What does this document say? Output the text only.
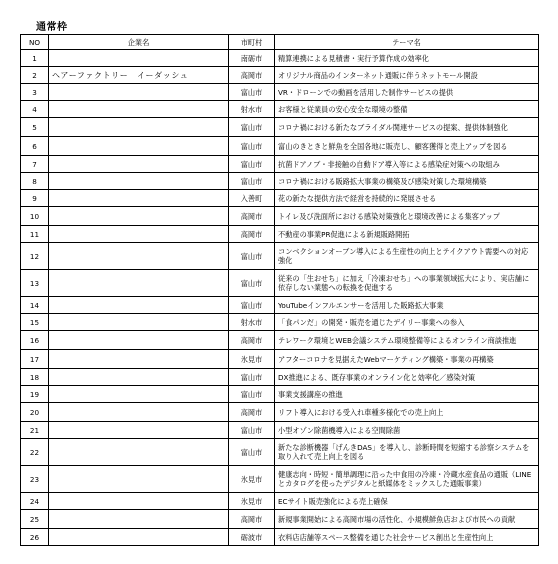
通常枠
NO	企業名	市町村	テーマ名
1		南砺市	精算連携による見積書・実行予算作成の効率化

2	ヘアーファクトリー　イーダッシュ	高岡市	オリジナル商品のインターネット通販に伴うネットモール開設

3		富山市	VR・ドローンでの動画を活用した制作サービスの提供

4		射水市	お客様と従業員の安心安全な環境の整備

5		富山市	コロナ禍における新たなブライダル関連サービスの提案、提供体制強化

6		富山市	富山のきときと鮮魚を全国各地に販売し、顧客獲得と売上アップを図る

7		富山市	抗菌ドアノブ・非接触の自動ドア導入等による感染症対策への取組み

8		富山市	コロナ禍における販路拡大事業の構築及び感染対策した環境構築

9		入善町	花の新たな提供方法で経営を持続的に発展させる

10		高岡市	トイレ及び洗面所における感染対策強化と環境改善による集客アップ

11		高岡市	不動産の事業PR促進による新規販路開拓

12		富山市	コンベクションオーブン導入による生産性の向上とテイクアウト需要への対応強化

13		富山市	従来の「生おせち」に加え「冷凍おせち」への事業領域拡大により、実店舗に依存しない業態への転換を促進する

14		富山市	YouTubeインフルエンサーを活用した販路拡大事業

15		射水市	「食パンだ」の開発・販売を通じたデイリー事業への参入

16		高岡市	テレワーク環境とWEB会議システム環境整備等によるオンライン商談推進

17		氷見市	アフターコロナを見据えたWebマーケティング構築・事業の再構築

18		富山市	DX推進による、既存事業のオンライン化と効率化／感染対策

19		富山市	事業支援講座の推進

20		高岡市	リフト導入における受入れ車種多様化での売上向上

21		富山市	小型オゾン除菌機導入による空間除菌

22		富山市	新たな診断機器「げんきDAS」を導入し、診断時間を短縮する診察システムを取り入れて売上向上を図る

23		氷見市	健康志向・時短・簡単調理に沿った中食用の冷凍・冷蔵水産食品の通販（LINEとカタログを使ったデジタルと紙媒体をミックスした通販事業）

24		氷見市	ECサイト販売強化による売上確保

25		高岡市	新規事業開始による高岡市場の活性化、小規模鮮魚店および市民への貢献

26		砺波市	衣料店店舗等スペース整備を通じた社会サービス創出と生産性向上
